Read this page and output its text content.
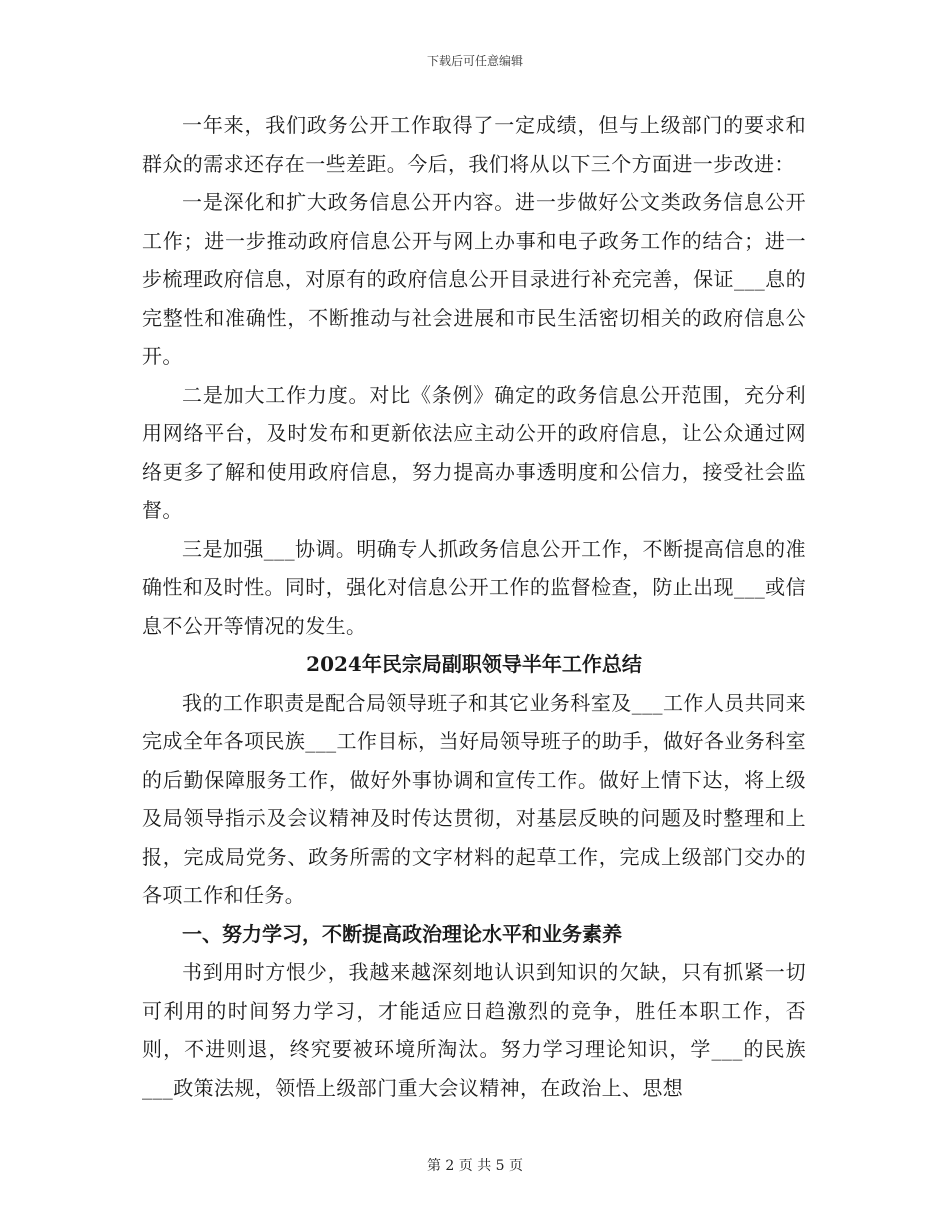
下载后可任意编辑

一年来，我们政务公开工作取得了一定成绩，但与上级部门的要求和群众的需求还存在一些差距。今后，我们将从以下三个方面进一步改进：

一是深化和扩大政务信息公开内容。进一步做好公文类政务信息公开工作；进一步推动政府信息公开与网上办事和电子政务工作的结合；进一步梳理政府信息，对原有的政府信息公开目录进行补充完善，保证___息的完整性和准确性，不断推动与社会进展和市民生活密切相关的政府信息公开。

二是加大工作力度。对比《条例》确定的政务信息公开范围，充分利用网络平台，及时发布和更新依法应主动公开的政府信息，让公众通过网络更多了解和使用政府信息，努力提高办事透明度和公信力，接受社会监督。

三是加强___协调。明确专人抓政务信息公开工作，不断提高信息的准确性和及时性。同时，强化对信息公开工作的监督检查，防止出现___或信息不公开等情况的发生。

2024年民宗局副职领导半年工作总结

我的工作职责是配合局领导班子和其它业务科室及___工作人员共同来完成全年各项民族___工作目标，当好局领导班子的助手，做好各业务科室的后勤保障服务工作，做好外事协调和宣传工作。做好上情下达，将上级及局领导指示及会议精神及时传达贯彻，对基层反映的问题及时整理和上报，完成局党务、政务所需的文字材料的起草工作，完成上级部门交办的各项工作和任务。

一、努力学习，不断提高政治理论水平和业务素养

书到用时方恨少，我越来越深刻地认识到知识的欠缺，只有抓紧一切可利用的时间努力学习，才能适应日趋激烈的竞争，胜任本职工作，否则，不进则退，终究要被环境所淘汰。努力学习理论知识，学___的民族___政策法规，领悟上级部门重大会议精神，在政治上、思想

第 2 页 共 5 页
